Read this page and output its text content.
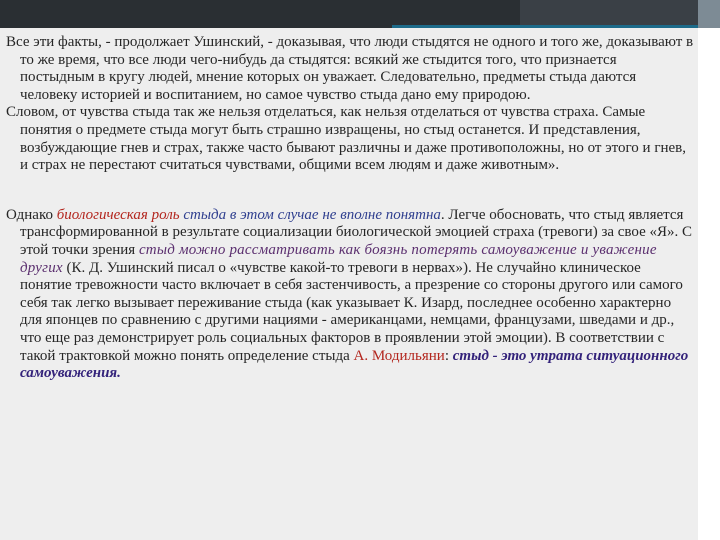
Все эти факты, - продолжает Ушинский, - доказывая, что люди стыдятся не одного и того же, доказывают в то же время, что все люди чего-нибудь да стыдятся: всякий же стыдится того, что признается постыдным в кругу людей, мнение которых он уважает. Следовательно, предметы стыда даются человеку историей и воспитанием, но самое чувство стыда дано ему природою.

Словом, от чувства стыда так же нельзя отделаться, как нельзя отделаться от чувства страха. Самые понятия о предмете стыда могут быть страшно извращены, но стыд останется. И представления, возбуждающие гнев и страх, также часто бывают различны и даже противоположны, но от этого и гнев, и страх не перестают считаться чувствами, общими всем людям и даже животным».

Однако биологическая роль стыда в этом случае не вполне понятна. Легче обосновать, что стыд является трансформированной в результате социализации биологической эмоцией страха (тревоги) за свое «Я». С этой точки зрения стыд можно рассматривать как боязнь потерять самоуважение и уважение других (К. Д. Ушинский писал о «чувстве какой-то тревоги в нервах»). Не случайно клиническое понятие тревожности часто включает в себя застенчивость, а презрение со стороны другого или самого себя так легко вызывает переживание стыда (как указывает К. Изард, последнее особенно характерно для японцев по сравнению с другими нациями - американцами, немцами, французами, шведами и др., что еще раз демонстрирует роль социальных факторов в проявлении этой эмоции). В соответствии с такой трактовкой можно понять определение стыда А. Модильяни: стыд - это утрата ситуационного самоуважения.
